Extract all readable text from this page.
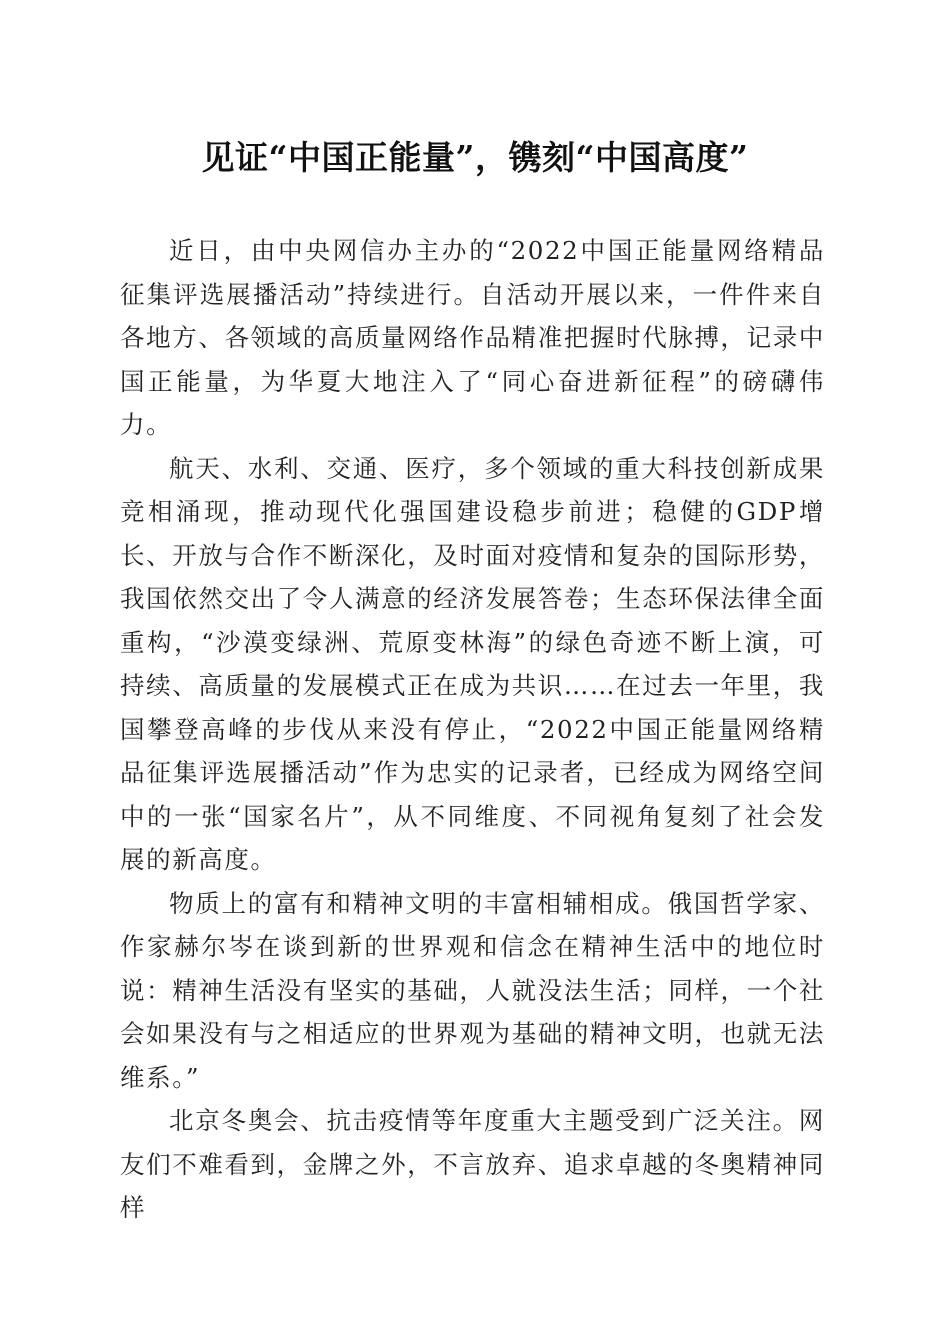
见证“中国正能量”，镌刻“中国高度”

近日，由中央网信办主办的“2022中国正能量网络精品征集评选展播活动”持续进行。自活动开展以来，一件件来自各地方、各领域的高质量网络作品精准把握时代脉搏，记录中国正能量，为华夏大地注入了“同心奋进新征程”的磅礴伟力。

航天、水利、交通、医疗，多个领域的重大科技创新成果竞相涌现，推动现代化强国建设稳步前进；稳健的GDP增长、开放与合作不断深化，及时面对疫情和复杂的国际形势，我国依然交出了令人满意的经济发展答卷；生态环保法律全面重构，“沙漠变绿洲、荒原变林海”的绿色奇迹不断上演，可持续、高质量的发展模式正在成为共识……在过去一年里，我国攀登高峰的步伐从来没有停止，“2022中国正能量网络精品征集评选展播活动”作为忠实的记录者，已经成为网络空间中的一张“国家名片”，从不同维度、不同视角复刻了社会发展的新高度。

物质上的富有和精神文明的丰富相辅相成。俄国哲学家、作家赫尔岑在谈到新的世界观和信念在精神生活中的地位时说：精神生活没有坚实的基础，人就没法生活；同样，一个社会如果没有与之相适应的世界观为基础的精神文明，也就无法维系。”

北京冬奥会、抗击疫情等年度重大主题受到广泛关注。网友们不难看到，金牌之外，不言放弃、追求卓越的冬奥精神同样
